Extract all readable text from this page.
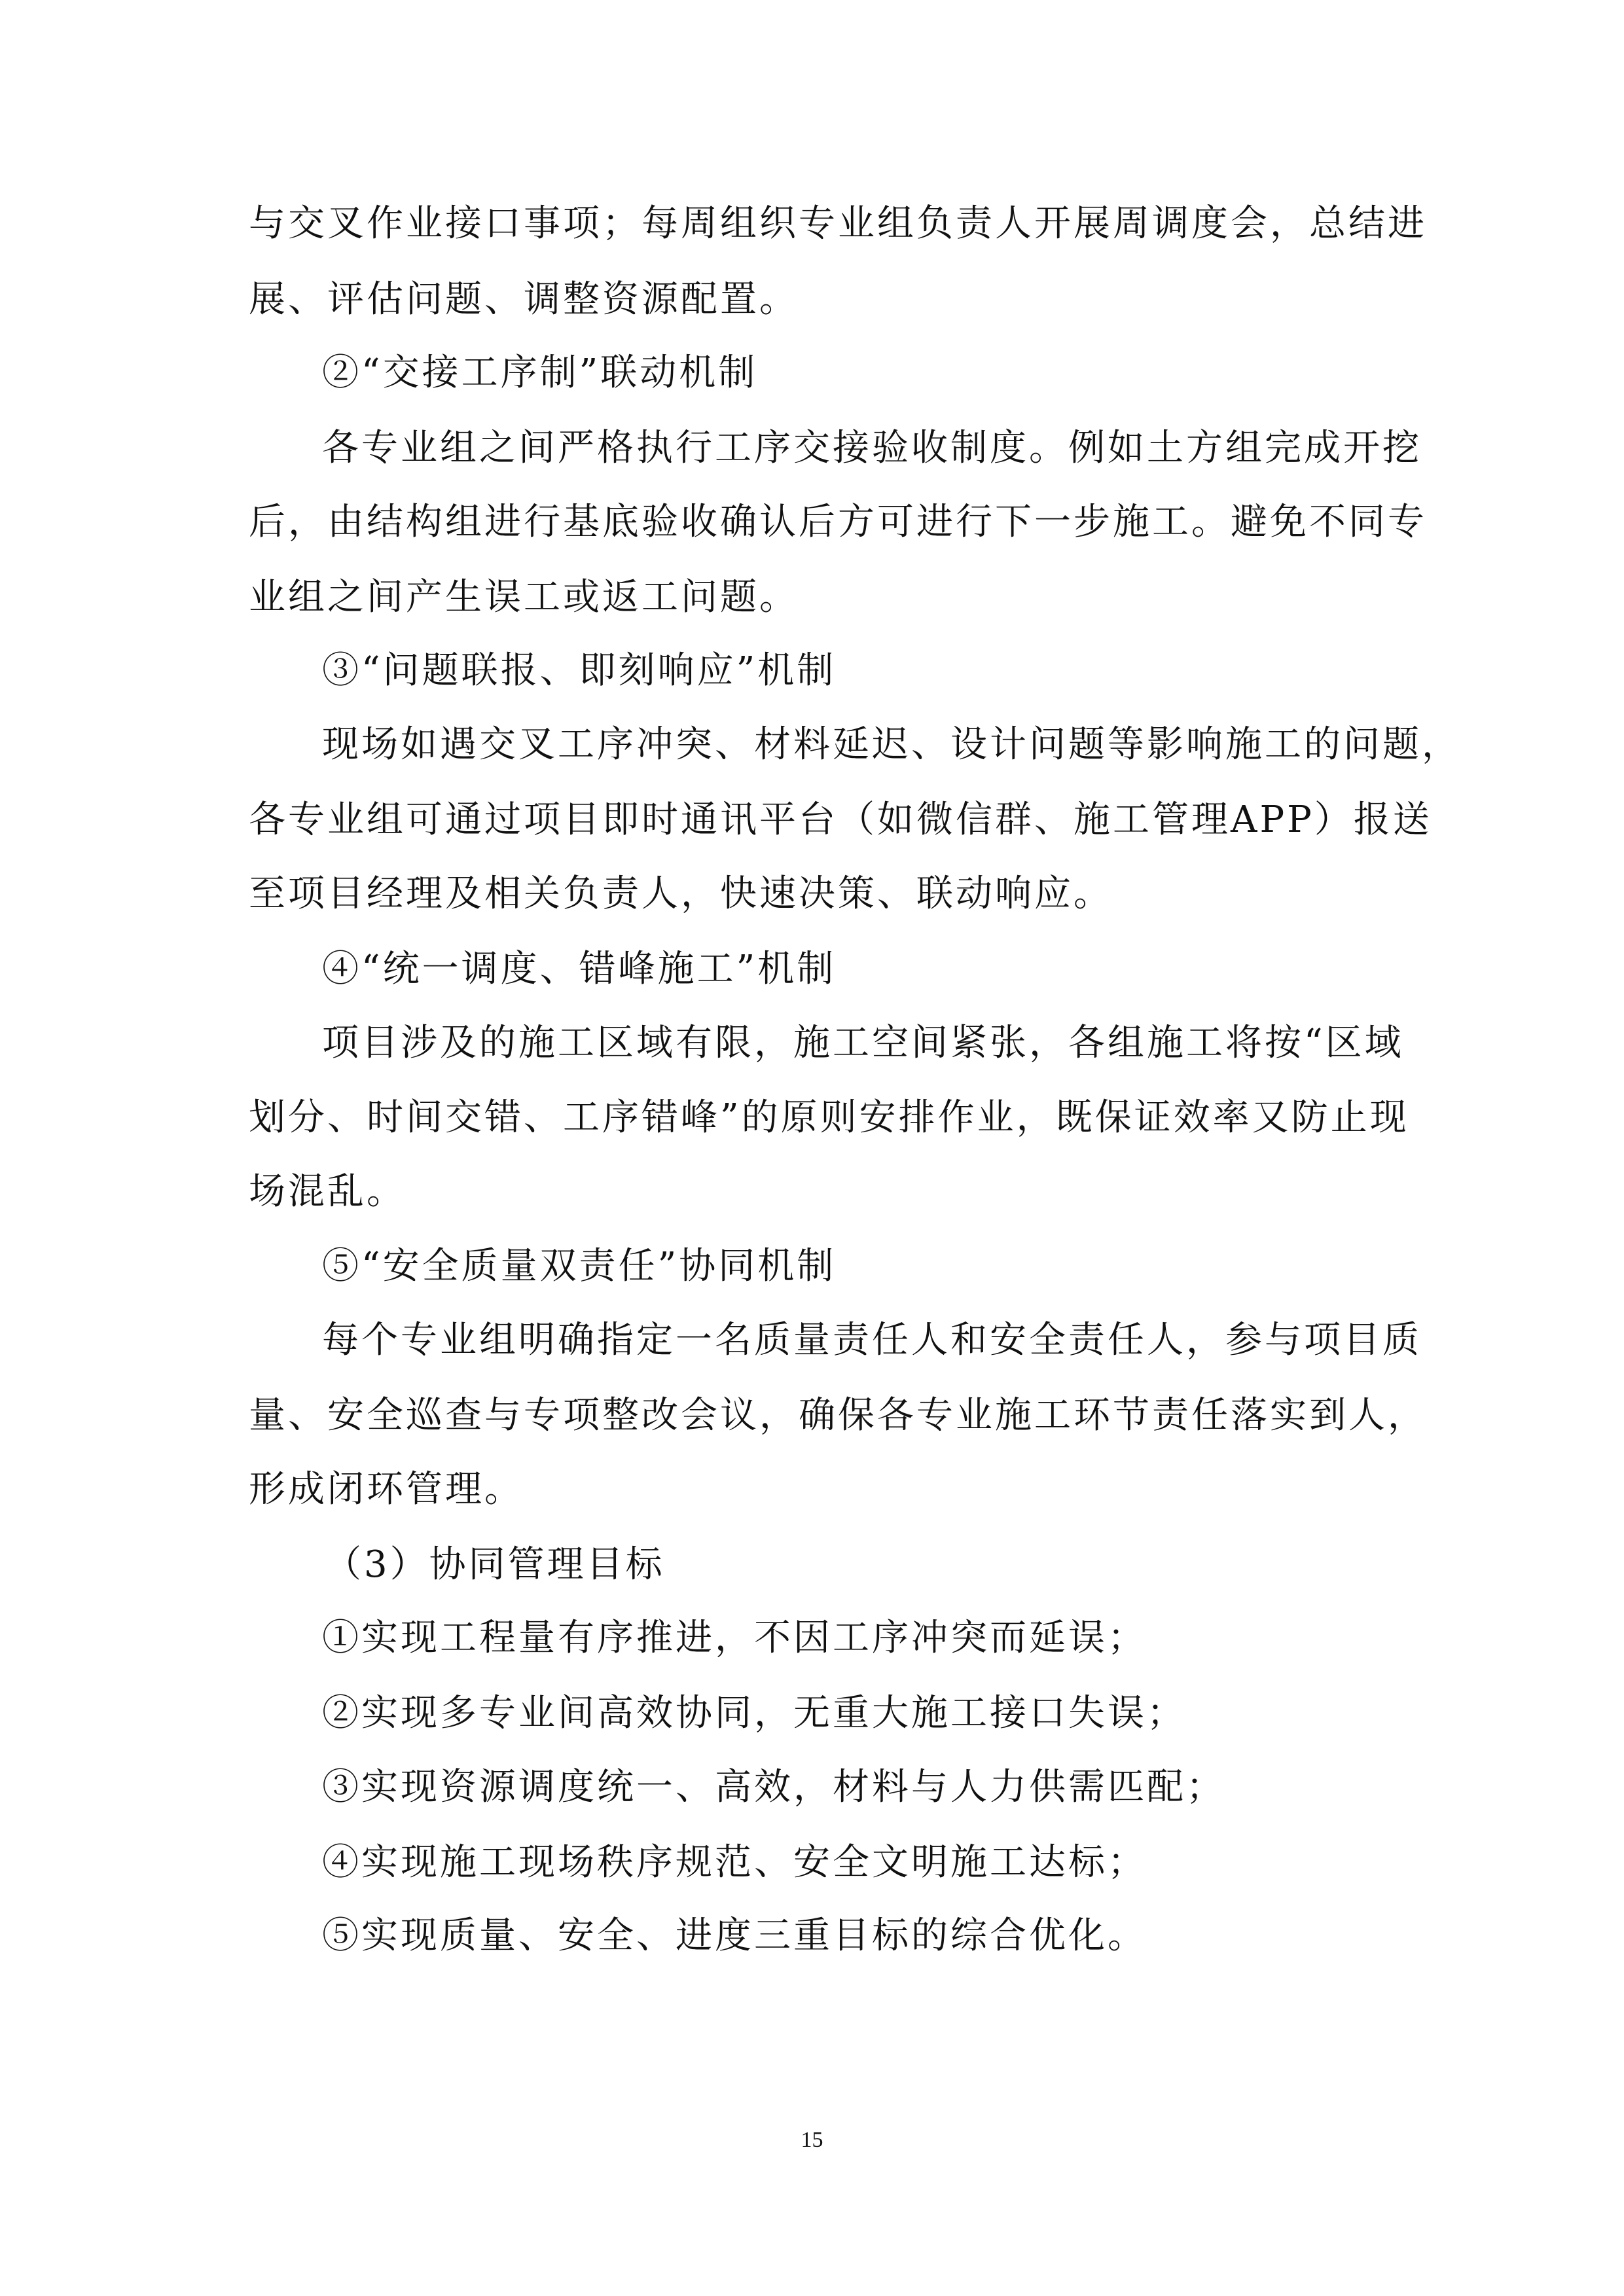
与交叉作业接口事项；每周组织专业组负责人开展周调度会，总结进
展、评估问题、调整资源配置。
②“交接工序制”联动机制
各专业组之间严格执行工序交接验收制度。例如土方组完成开挖
后，由结构组进行基底验收确认后方可进行下一步施工。避免不同专
业组之间产生误工或返工问题。
③“问题联报、即刻响应”机制
现场如遇交叉工序冲突、材料延迟、设计问题等影响施工的问题，
各专业组可通过项目即时通讯平台（如微信群、施工管理APP）报送
至项目经理及相关负责人，快速决策、联动响应。
④“统一调度、错峰施工”机制
项目涉及的施工区域有限，施工空间紧张，各组施工将按“区域
划分、时间交错、工序错峰”的原则安排作业，既保证效率又防止现
场混乱。
⑤“安全质量双责任”协同机制
每个专业组明确指定一名质量责任人和安全责任人，参与项目质
量、安全巡查与专项整改会议，确保各专业施工环节责任落实到人，
形成闭环管理。
（3）协同管理目标
①实现工程量有序推进，不因工序冲突而延误；
②实现多专业间高效协同，无重大施工接口失误；
③实现资源调度统一、高效，材料与人力供需匹配；
④实现施工现场秩序规范、安全文明施工达标；
⑤实现质量、安全、进度三重目标的综合优化。
15
